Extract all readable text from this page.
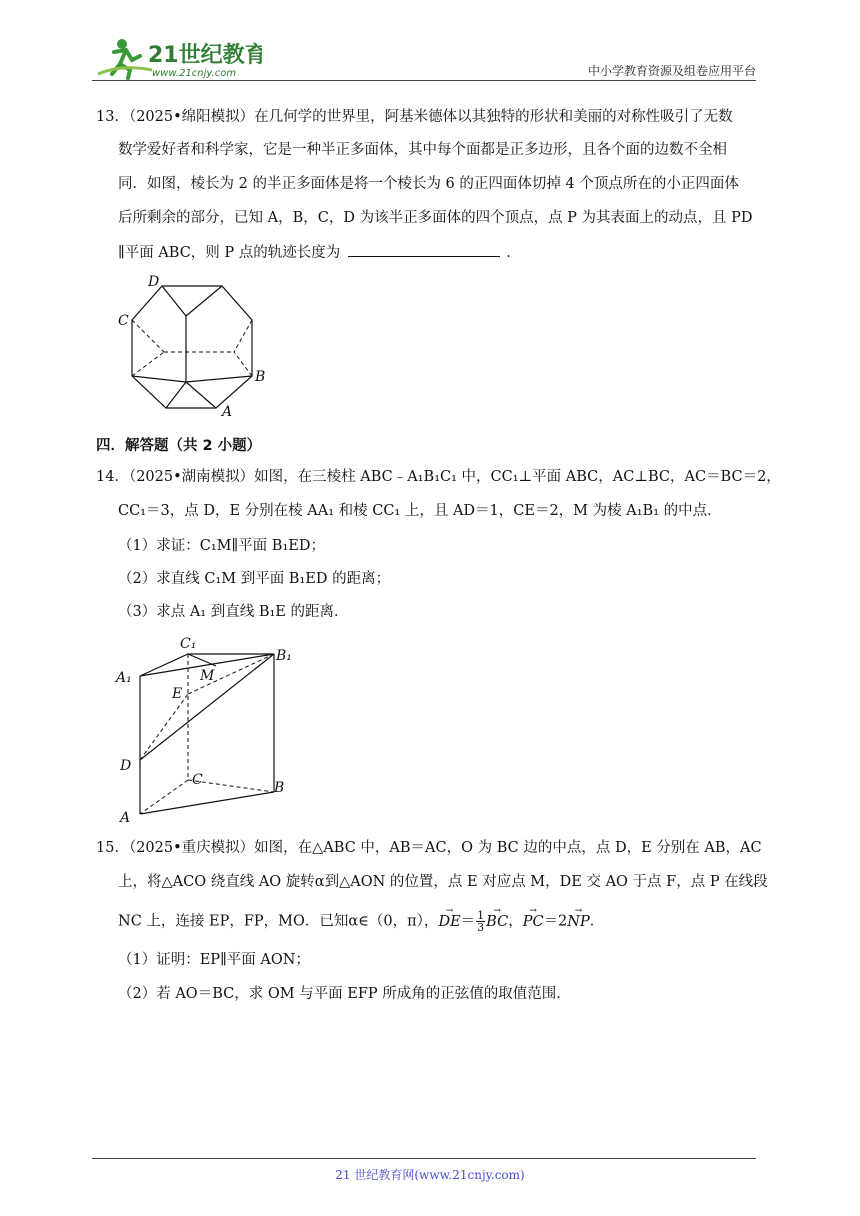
21世纪教育
www.21cnjy.com	中小学教育资源及组卷应用平台
13．（2025•绵阳模拟）在几何学的世界里，阿基米德体以其独特的形状和美丽的对称性吸引了无数
数学爱好者和科学家，它是一种半正多面体，其中每个面都是正多边形，且各个面的边数不全相
同．如图，棱长为 2 的半正多面体是将一个棱长为 6 的正四面体切掉 4 个顶点所在的小正四面体
后所剩余的部分，已知 A，B，C，D 为该半正多面体的四个顶点，点 P 为其表面上的动点，且 PD
∥平面 ABC，则 P 点的轨迹长度为	．
D
C
B
A
四．解答题（共 2 小题）
14．（2025•湖南模拟）如图，在三棱柱 ABC﹣A₁B₁C₁ 中，CC₁⊥平面 ABC，AC⊥BC，AC＝BC＝2，
CC₁＝3，点 D，E 分别在棱 AA₁ 和棱 CC₁ 上，且 AD＝1，CE＝2，M 为棱 A₁B₁ 的中点．
（1）求证：C₁M∥平面 B₁ED；
（2）求直线 C₁M 到平面 B₁ED 的距离；
（3）求点 A₁ 到直线 B₁E 的距离．
C₁
B₁
A₁
E
M
D
C	B
A
15．（2025•重庆模拟）如图，在△ABC 中，AB＝AC，O 为 BC 边的中点，点 D，E 分别在 AB，AC
上，将△ACO 绕直线 AO 旋转α到△AON 的位置，点 E 对应点 M，DE 交 AO 于点 F，点 P 在线段
NC 上，连接 EP，FP，MO．已知α∈（0，π），→ $DE= \frac{1}{3}$
→ BC，→ PC＝2→ NP．
（1）证明：EP∥平面 AON；
（2）若 AO＝BC，求 OM 与平面 EFP 所成角的正弦值的取值范围．
21 世纪教育网(www.21cnjy.com)
